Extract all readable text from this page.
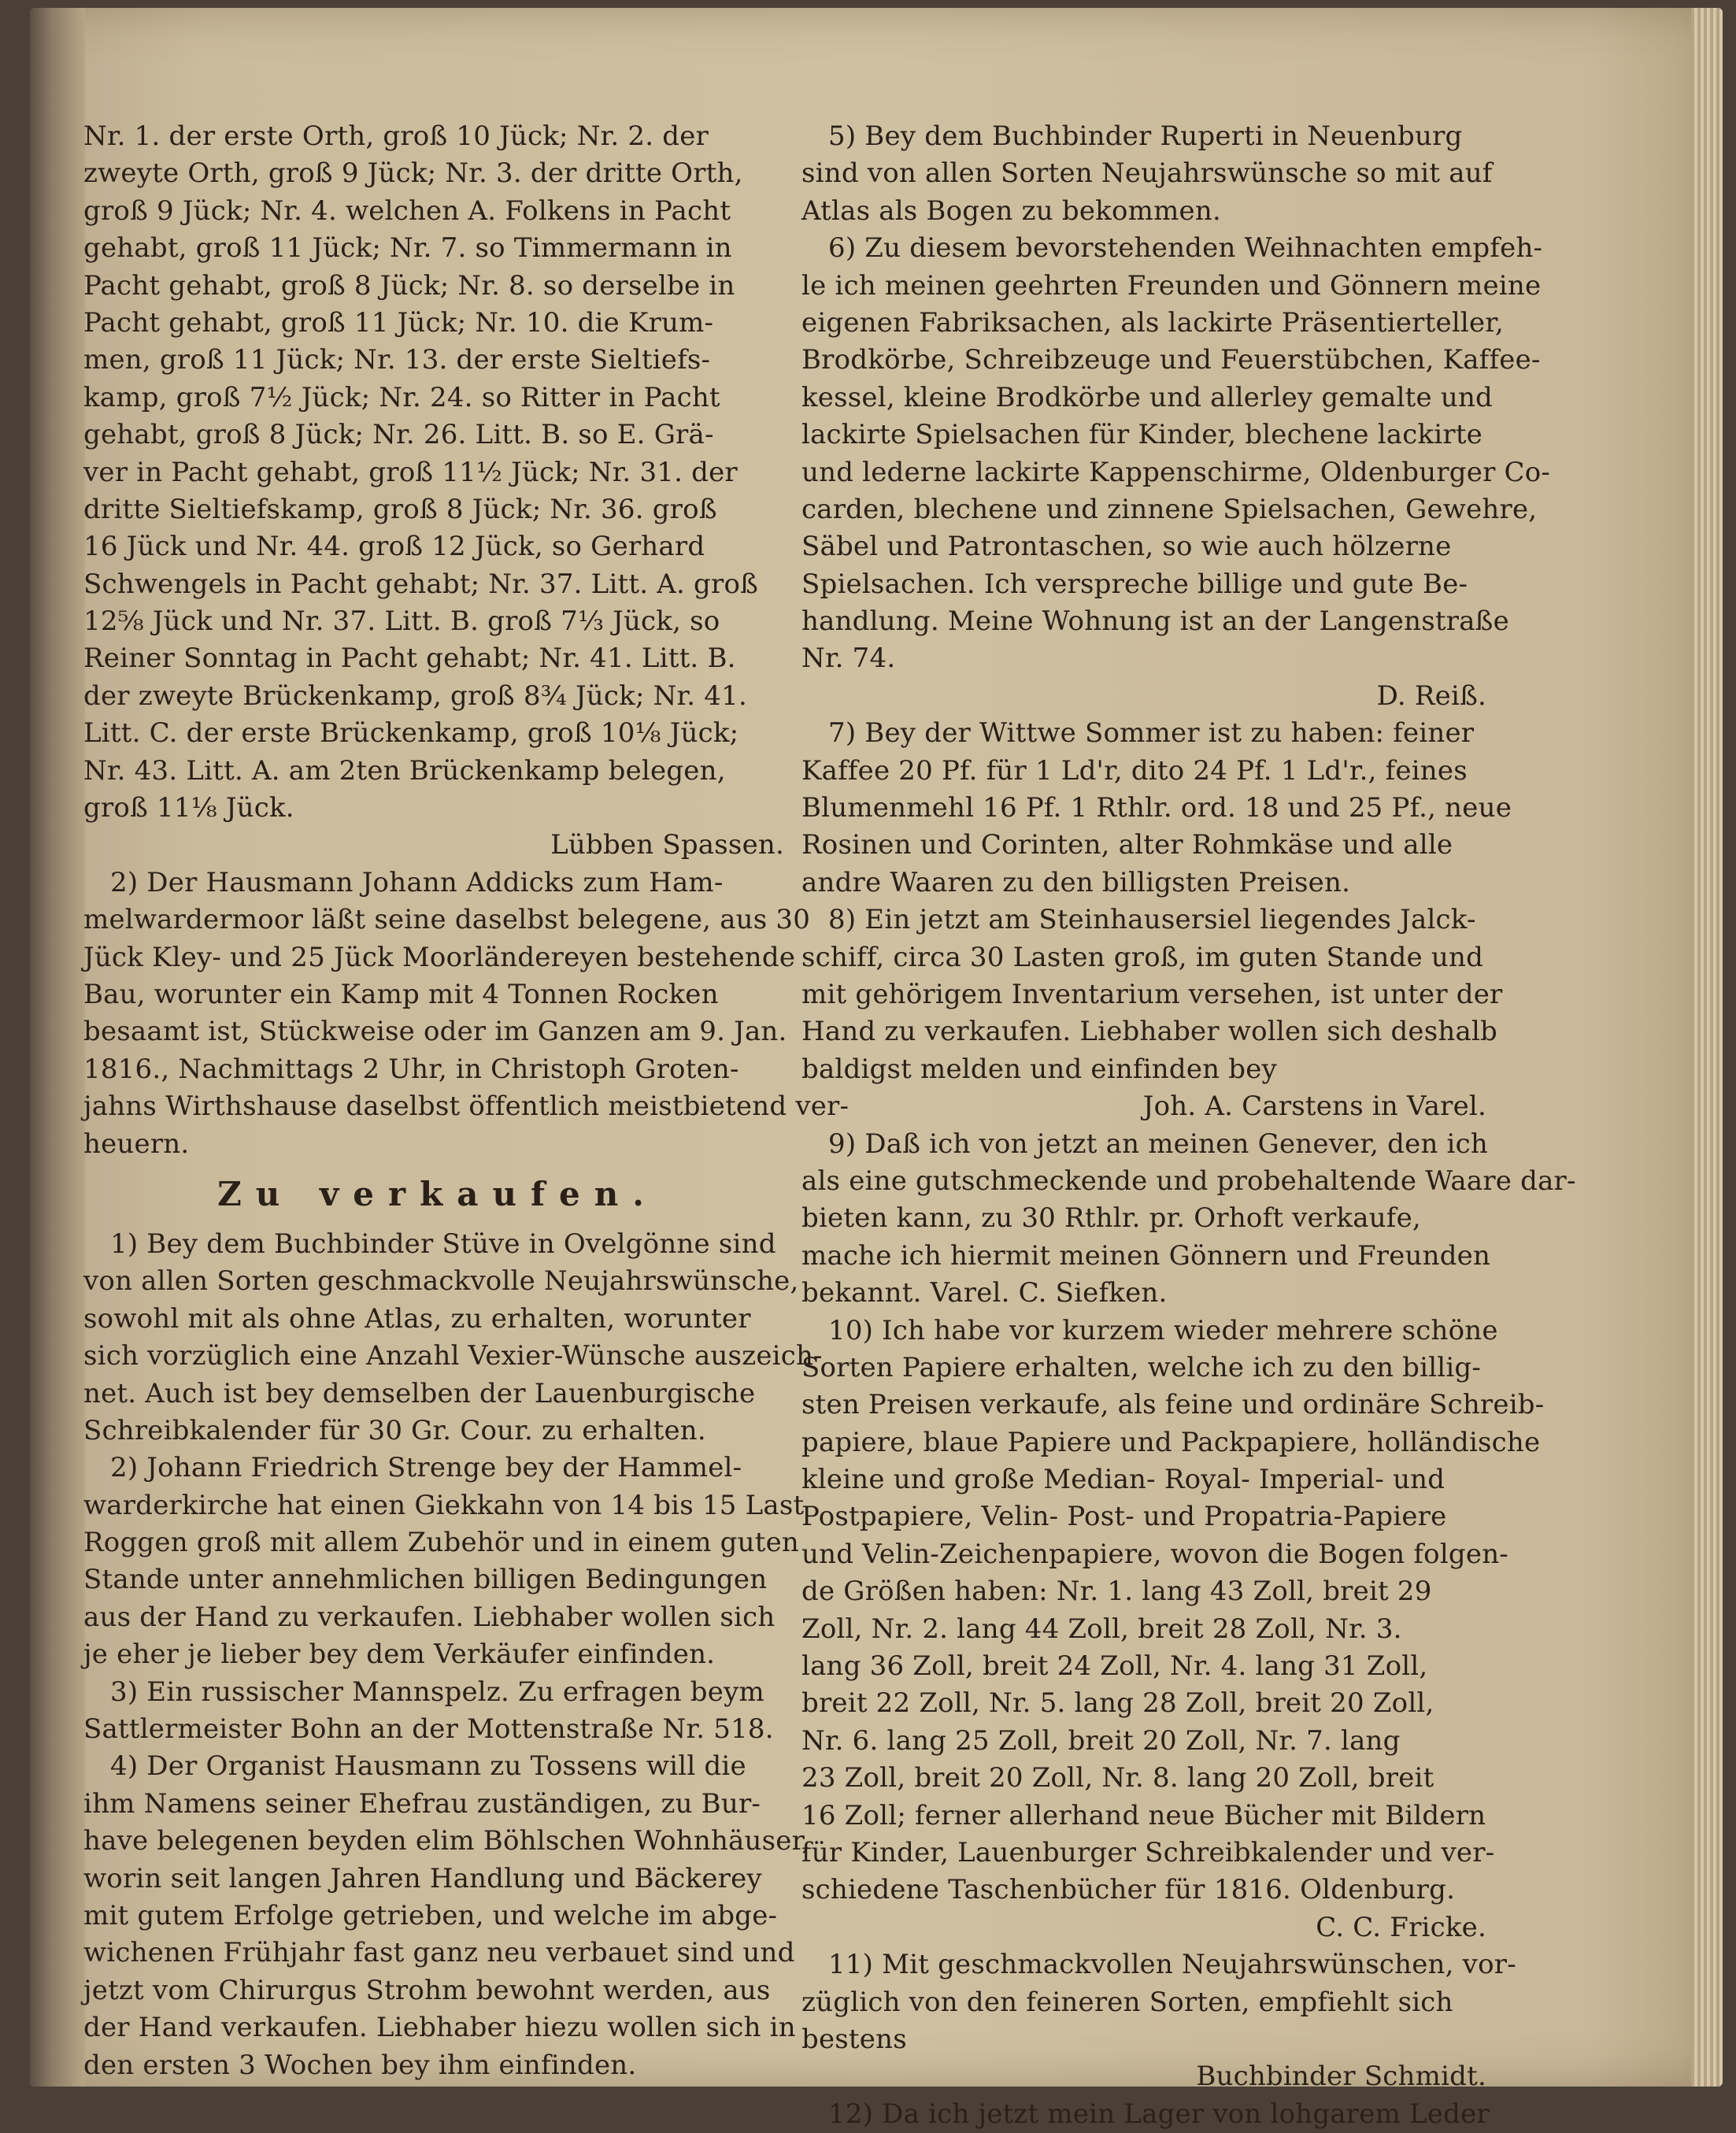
Nr. 1. der erste Orth, groß 10 Jück; Nr. 2. der
zweyte Orth, groß 9 Jück; Nr. 3. der dritte Orth,
groß 9 Jück; Nr. 4. welchen A. Folkens in Pacht
gehabt, groß 11 Jück; Nr. 7. so Timmermann in
Pacht gehabt, groß 8 Jück; Nr. 8. so derselbe in
Pacht gehabt, groß 11 Jück; Nr. 10. die Krum-
men, groß 11 Jück; Nr. 13. der erste Sieltiefs-
kamp, groß 7½ Jück; Nr. 24. so Ritter in Pacht
gehabt, groß 8 Jück; Nr. 26. Litt. B. so E. Grä-
ver in Pacht gehabt, groß 11½ Jück; Nr. 31. der
dritte Sieltiefskamp, groß 8 Jück; Nr. 36. groß
16 Jück und Nr. 44. groß 12 Jück, so Gerhard
Schwengels in Pacht gehabt; Nr. 37. Litt. A. groß
12⅝ Jück und Nr. 37. Litt. B. groß 7⅓ Jück, so
Reiner Sonntag in Pacht gehabt; Nr. 41. Litt. B.
der zweyte Brückenkamp, groß 8¾ Jück; Nr. 41.
Litt. C. der erste Brückenkamp, groß 10⅛ Jück;
Nr. 43. Litt. A. am 2ten Brückenkamp belegen,
groß 11⅛ Jück.
Lübben Spassen.
2) Der Hausmann Johann Addicks zum Ham-
melwardermoor läßt seine daselbst belegene, aus 30
Jück Kley- und 25 Jück Moorländereyen bestehende
Bau, worunter ein Kamp mit 4 Tonnen Rocken
besaamt ist, Stückweise oder im Ganzen am 9. Jan.
1816., Nachmittags 2 Uhr, in Christoph Groten-
jahns Wirthshause daselbst öffentlich meistbietend ver-
heuern.
Zu verkaufen.
1) Bey dem Buchbinder Stüve in Ovelgönne sind
von allen Sorten geschmackvolle Neujahrswünsche,
sowohl mit als ohne Atlas, zu erhalten, worunter
sich vorzüglich eine Anzahl Vexier-Wünsche auszeich-
net. Auch ist bey demselben der Lauenburgische
Schreibkalender für 30 Gr. Cour. zu erhalten.
2) Johann Friedrich Strenge bey der Hammel-
warderkirche hat einen Giekkahn von 14 bis 15 Last
Roggen groß mit allem Zubehör und in einem guten
Stande unter annehmlichen billigen Bedingungen
aus der Hand zu verkaufen. Liebhaber wollen sich
je eher je lieber bey dem Verkäufer einfinden.
3) Ein russischer Mannspelz. Zu erfragen beym
Sattlermeister Bohn an der Mottenstraße Nr. 518.
4) Der Organist Hausmann zu Tossens will die
ihm Namens seiner Ehefrau zuständigen, zu Bur-
have belegenen beyden elim Böhlschen Wohnhäuser,
worin seit langen Jahren Handlung und Bäckerey
mit gutem Erfolge getrieben, und welche im abge-
wichenen Frühjahr fast ganz neu verbauet sind und
jetzt vom Chirurgus Strohm bewohnt werden, aus
der Hand verkaufen. Liebhaber hiezu wollen sich in
den ersten 3 Wochen bey ihm einfinden.
5) Bey dem Buchbinder Ruperti in Neuenburg
sind von allen Sorten Neujahrswünsche so mit auf
Atlas als Bogen zu bekommen.
6) Zu diesem bevorstehenden Weihnachten empfeh-
le ich meinen geehrten Freunden und Gönnern meine
eigenen Fabriksachen, als lackirte Präsentierteller,
Brodkörbe, Schreibzeuge und Feuerstübchen, Kaffee-
kessel, kleine Brodkörbe und allerley gemalte und
lackirte Spielsachen für Kinder, blechene lackirte
und lederne lackirte Kappenschirme, Oldenburger Co-
carden, blechene und zinnene Spielsachen, Gewehre,
Säbel und Patrontaschen, so wie auch hölzerne
Spielsachen. Ich verspreche billige und gute Be-
handlung. Meine Wohnung ist an der Langenstraße
Nr. 74.
D. Reiß.
7) Bey der Wittwe Sommer ist zu haben: feiner
Kaffee 20 Pf. für 1 Ld'r, dito 24 Pf. 1 Ld'r., feines
Blumenmehl 16 Pf. 1 Rthlr. ord. 18 und 25 Pf., neue
Rosinen und Corinten, alter Rohmkäse und alle
andre Waaren zu den billigsten Preisen.
8) Ein jetzt am Steinhausersiel liegendes Jalck-
schiff, circa 30 Lasten groß, im guten Stande und
mit gehörigem Inventarium versehen, ist unter der
Hand zu verkaufen. Liebhaber wollen sich deshalb
baldigst melden und einfinden bey
Joh. A. Carstens in Varel.
9) Daß ich von jetzt an meinen Genever, den ich
als eine gutschmeckende und probehaltende Waare dar-
bieten kann, zu 30 Rthlr. pr. Orhoft verkaufe,
mache ich hiermit meinen Gönnern und Freunden
bekannt. Varel. C. Siefken.
10) Ich habe vor kurzem wieder mehrere schöne
Sorten Papiere erhalten, welche ich zu den billig-
sten Preisen verkaufe, als feine und ordinäre Schreib-
papiere, blaue Papiere und Packpapiere, holländische
kleine und große Median- Royal- Imperial- und
Postpapiere, Velin- Post- und Propatria-Papiere
und Velin-Zeichenpapiere, wovon die Bogen folgen-
de Größen haben: Nr. 1. lang 43 Zoll, breit 29
Zoll, Nr. 2. lang 44 Zoll, breit 28 Zoll, Nr. 3.
lang 36 Zoll, breit 24 Zoll, Nr. 4. lang 31 Zoll,
breit 22 Zoll, Nr. 5. lang 28 Zoll, breit 20 Zoll,
Nr. 6. lang 25 Zoll, breit 20 Zoll, Nr. 7. lang
23 Zoll, breit 20 Zoll, Nr. 8. lang 20 Zoll, breit
16 Zoll; ferner allerhand neue Bücher mit Bildern
für Kinder, Lauenburger Schreibkalender und ver-
schiedene Taschenbücher für 1816. Oldenburg.
C. C. Fricke.
11) Mit geschmackvollen Neujahrswünschen, vor-
züglich von den feineren Sorten, empfiehlt sich
bestens
Buchbinder Schmidt.
12) Da ich jetzt mein Lager von lohgarem Leder
